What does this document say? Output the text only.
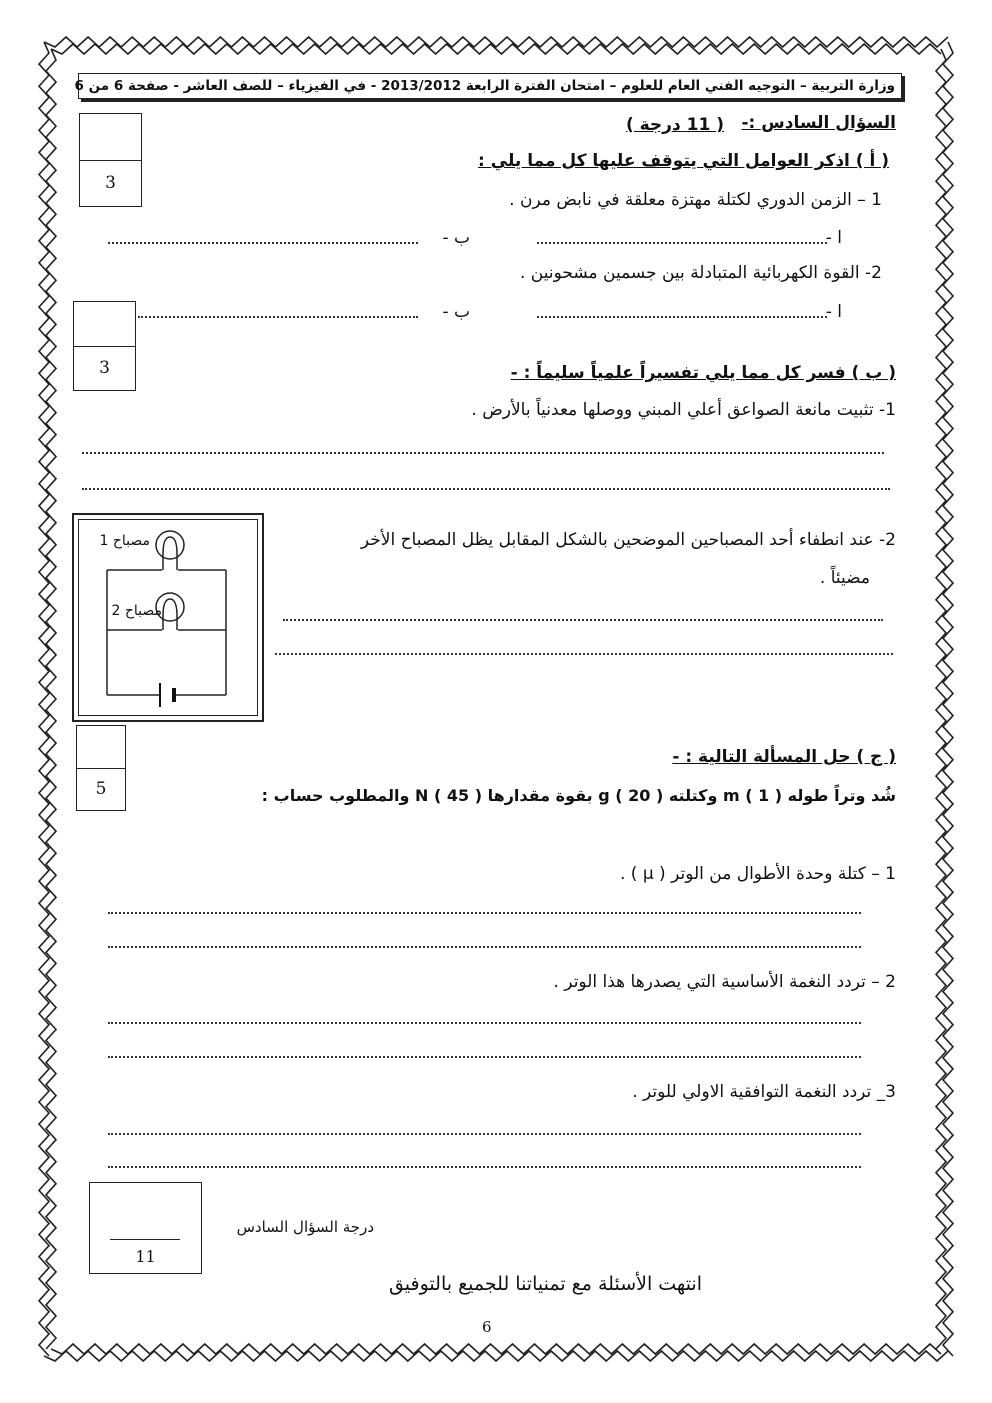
وزارة التربية – التوجيه الفني العام للعلوم – امتحان الفترة الرابعة 2013/2012 - في الفيزياء – للصف العاشر - صفحة 6 من 6
السؤال السادس :-
( 11 درجة )
3
( أ ) اذكر العوامل التي يتوقف عليها كل مما يلي :
1 – الزمن الدوري لكتلة مهتزة معلقة في نابض مرن .
ا -
ب -
2- القوة الكهربائية المتبادلة بين جسمين مشحونين .
ا -
ب -
3	( ب ) فسر كل مما يلي تفسيراً علمياً سليماً : -
1- تثبيت مانعة الصواعق أعلي المبني ووصلها معدنياً بالأرض .
2- عند انطفاء أحد المصباحين الموضحين بالشكل المقابل يظل المصباح الأخر
مضيئاً .
مصباح 1
مصباح 2
5
( ج ) حل المسألة التالية : -
شُد وتراً طوله m ( 1 ) وكتلته g ( 20 ) بقوة مقدارها N ( 45 ) والمطلوب حساب :
1 – كتلة وحدة الأطوال من الوتر ( μ ) .
2 – تردد النغمة الأساسية التي يصدرها هذا الوتر .
3_ تردد النغمة التوافقية الاولي للوتر .
11
درجة السؤال السادس
انتهت الأسئلة مع تمنياتنا للجميع بالتوفيق
6
